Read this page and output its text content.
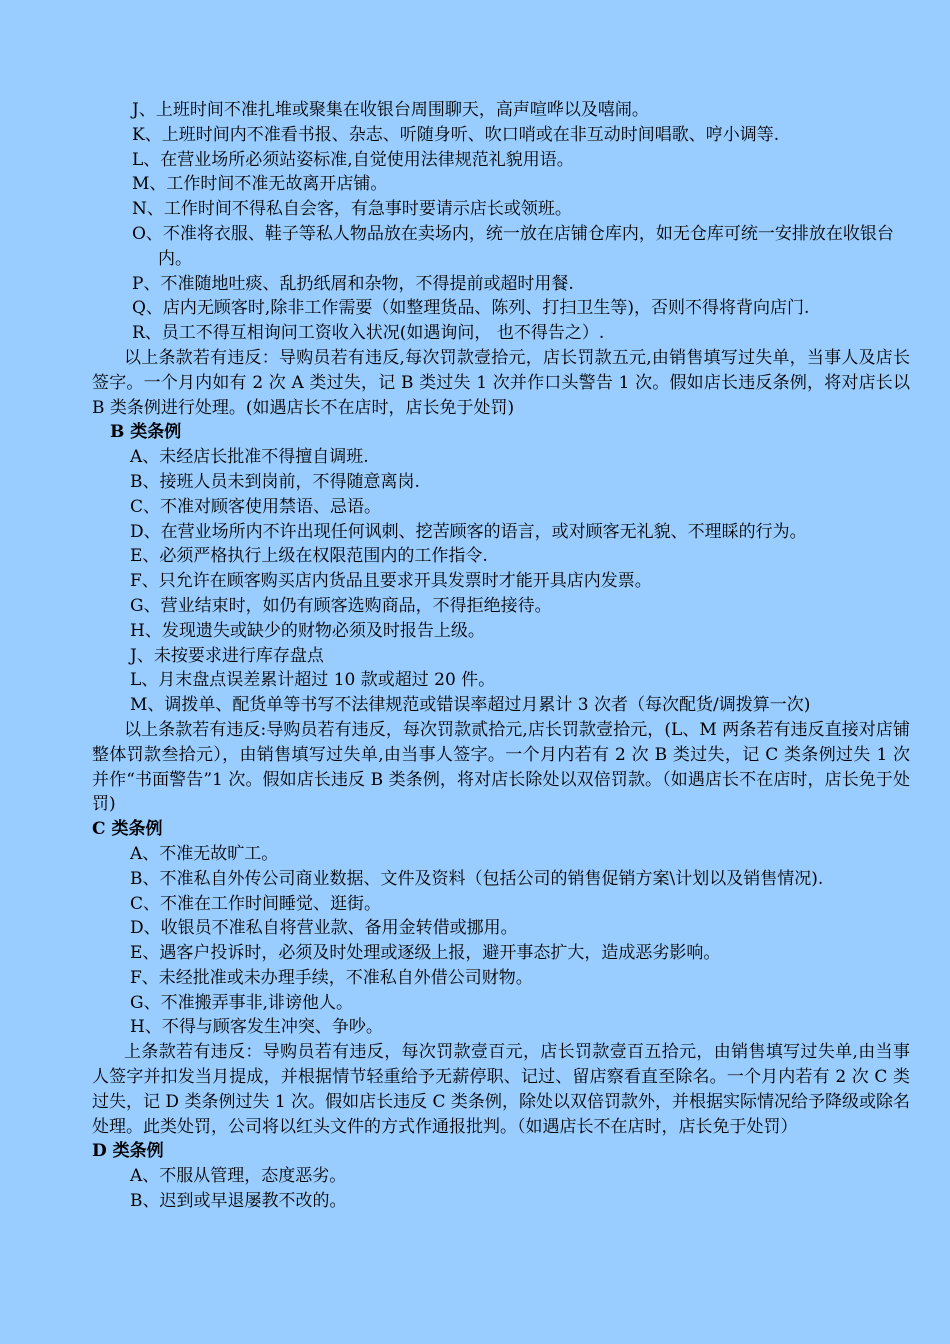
J、上班时间不准扎堆或聚集在收银台周围聊天，高声喧哗以及嘻闹。
K、上班时间内不准看书报、杂志、听随身听、吹口哨或在非互动时间唱歌、哼小调等.
L、在营业场所必须站姿标准,自觉使用法律规范礼貌用语。
M、工作时间不准无故离开店铺。
N、工作时间不得私自会客，有急事时要请示店长或领班。
O、不准将衣服、鞋子等私人物品放在卖场内，统一放在店铺仓库内，如无仓库可统一安排放在收银台内。
P、不准随地吐痰、乱扔纸屑和杂物，不得提前或超时用餐.
Q、店内无顾客时,除非工作需要（如整理货品、陈列、打扫卫生等)，否则不得将背向店门.
R、员工不得互相询问工资收入状况(如遇询问， 也不得告之）.
以上条款若有违反：导购员若有违反,每次罚款壹拾元，店长罚款五元,由销售填写过失单，当事人及店长签字。一个月内如有 2 次 A 类过失，记 B 类过失 1 次并作口头警告 1 次。假如店长违反条例，将对店长以 B 类条例进行处理。(如遇店长不在店时，店长免于处罚)
B 类条例
A、未经店长批准不得擅自调班.
B、接班人员未到岗前，不得随意离岗.
C、不准对顾客使用禁语、忌语。
D、在营业场所内不许出现任何讽刺、挖苦顾客的语言，或对顾客无礼貌、不理睬的行为。
E、必须严格执行上级在权限范围内的工作指令.
F、只允许在顾客购买店内货品且要求开具发票时才能开具店内发票。
G、营业结束时，如仍有顾客选购商品，不得拒绝接待。
H、发现遗失或缺少的财物必须及时报告上级。
J、未按要求进行库存盘点
L、月末盘点误差累计超过 10 款或超过 20 件。
M、调拨单、配货单等书写不法律规范或错误率超过月累计 3 次者（每次配货/调拨算一次)
以上条款若有违反:导购员若有违反，每次罚款贰拾元,店长罚款壹拾元，(L、M 两条若有违反直接对店铺整体罚款叁拾元），由销售填写过失单,由当事人签字。一个月内若有 2 次 B 类过失，记 C 类条例过失 1 次并作“书面警告”1 次。假如店长违反 B 类条例，将对店长除处以双倍罚款。（如遇店长不在店时，店长免于处罚)
C 类条例
A、不准无故旷工。
B、不准私自外传公司商业数据、文件及资料（包括公司的销售促销方案\计划以及销售情况).
C、不准在工作时间睡觉、逛街。
D、收银员不准私自将营业款、备用金转借或挪用。
E、遇客户投诉时，必须及时处理或逐级上报，避开事态扩大，造成恶劣影响。
F、未经批准或未办理手续，不准私自外借公司财物。
G、不准搬弄事非,诽谤他人。
H、不得与顾客发生冲突、争吵。
上条款若有违反：导购员若有违反，每次罚款壹百元，店长罚款壹百五拾元，由销售填写过失单,由当事人签字并扣发当月提成，并根据情节轻重给予无薪停职、记过、留店察看直至除名。一个月内若有 2 次 C 类过失，记 D 类条例过失 1 次。假如店长违反 C 类条例，除处以双倍罚款外，并根据实际情况给予降级或除名处理。此类处罚，公司将以红头文件的方式作通报批判。（如遇店长不在店时，店长免于处罚）
D 类条例
A、不服从管理，态度恶劣。
B、迟到或早退屡教不改的。
